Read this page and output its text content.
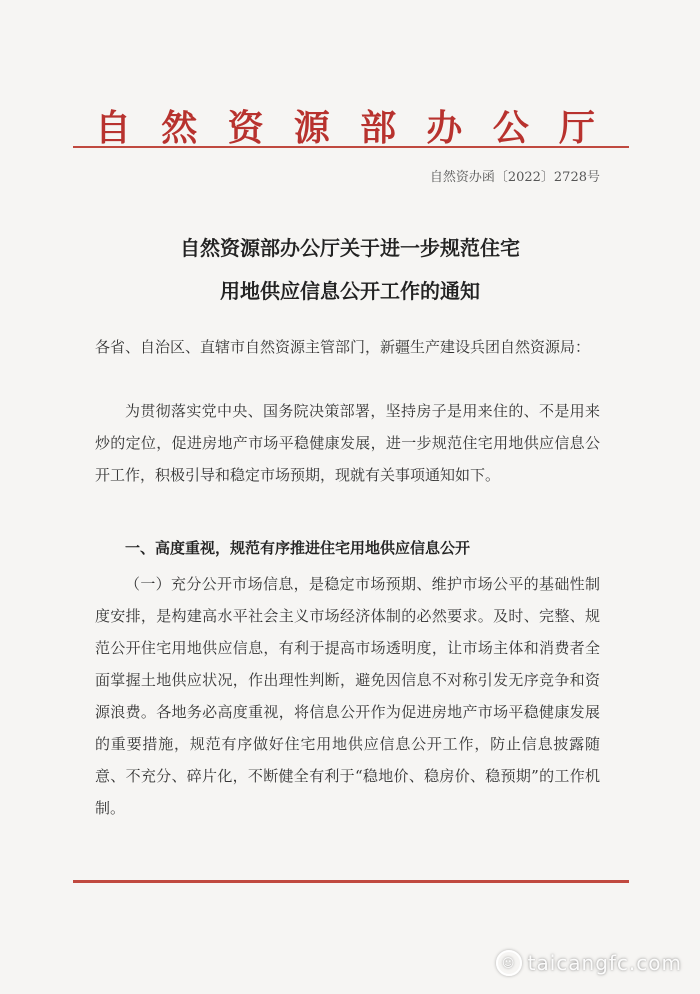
自 然 资 源 部 办 公 厅
自然资办函〔2022〕2728号
自然资源部办公厅关于进一步规范住宅
用地供应信息公开工作的通知
各省、自治区、直辖市自然资源主管部门，新疆生产建设兵团自然资源局：
为贯彻落实党中央、国务院决策部署，坚持房子是用来住的、不是用来炒的定位，促进房地产市场平稳健康发展，进一步规范住宅用地供应信息公开工作，积极引导和稳定市场预期，现就有关事项通知如下。
一、高度重视，规范有序推进住宅用地供应信息公开
（一）充分公开市场信息，是稳定市场预期、维护市场公平的基础性制度安排，是构建高水平社会主义市场经济体制的必然要求。及时、完整、规范公开住宅用地供应信息，有利于提高市场透明度，让市场主体和消费者全面掌握土地供应状况，作出理性判断，避免因信息不对称引发无序竞争和资源浪费。各地务必高度重视，将信息公开作为促进房地产市场平稳健康发展的重要措施，规范有序做好住宅用地供应信息公开工作，防止信息披露随意、不充分、碎片化，不断健全有利于“稳地价、稳房价、稳预期”的工作机制。
☺ taicangfc.com
